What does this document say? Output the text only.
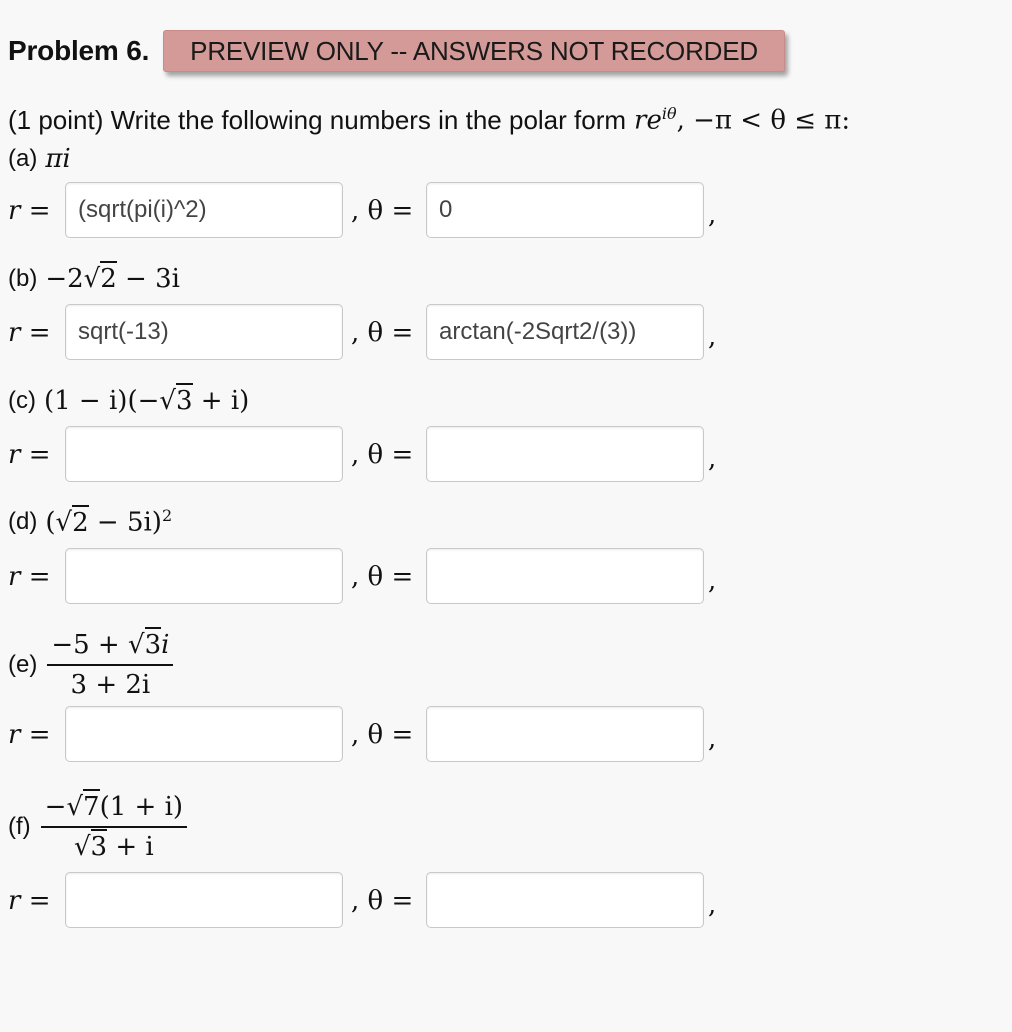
Problem 6.	PREVIEW ONLY -- ANSWERS NOT RECORDED
(1 point) Write the following numbers in the polar form $re^{i\theta}$, −π < θ ≤ π:
(a) πi
r =
(sqrt(pi(i)^2)	, θ =
0	,
(b) −2√2 − 3i
r =
sqrt(-13)	, θ =
arctan(-2Sqrt2/(3))	,
(c) (1 − i)(−√3 + i)
r =	, θ =	,
(d) $(√2 - 5i)^2$
r =	, θ =	,
$(e) \frac{-5 + √3i}{3 + 2i}$
r =	, θ =	,
$(f) \frac{-√7(1 + i)}{√3 + i}$
r =	, θ =	,
